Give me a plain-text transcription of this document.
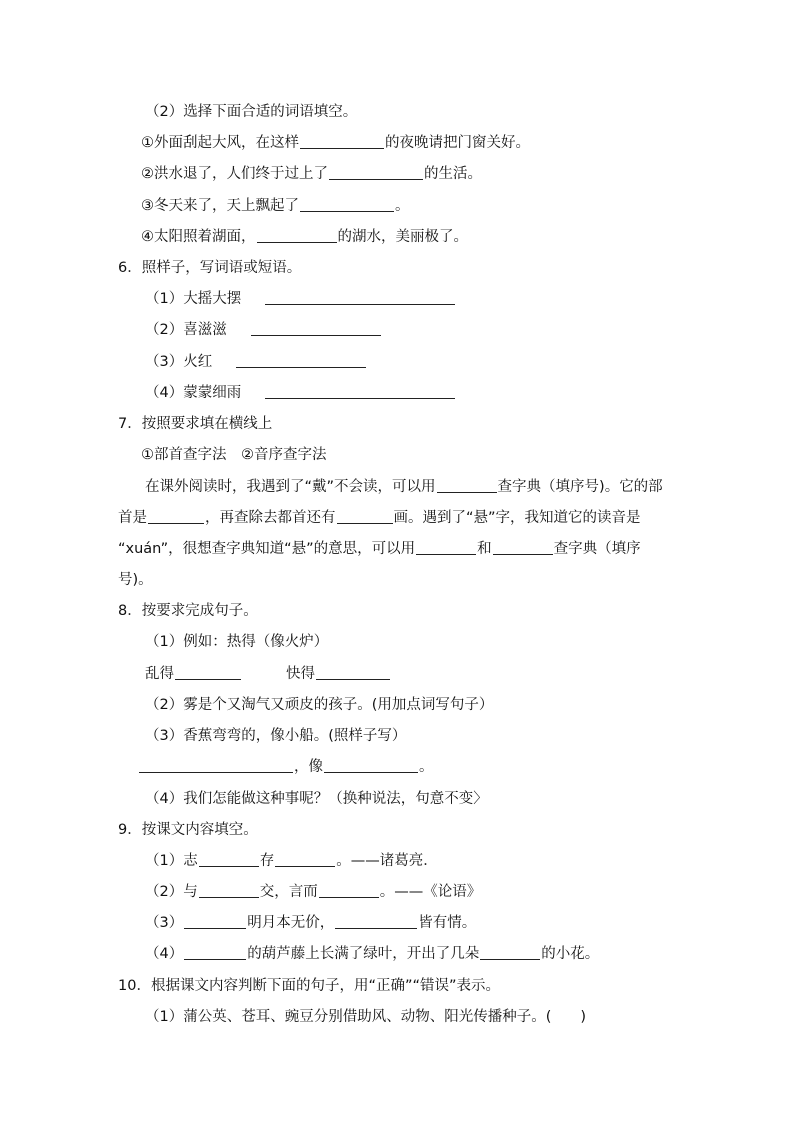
（2）选择下面合适的词语填空。
①外面刮起大风，在这样	的夜晚请把门窗关好。
②洪水退了，人们终于过上了	的生活。
③冬天来了，天上飘起了	。
④太阳照着湖面，	的湖水，美丽极了。
6．照样子，写词语或短语。
（1）大摇大摆
（2）喜滋滋
（3）火红
（4）蒙蒙细雨
7．按照要求填在横线上
①部首查字法　②音序查字法
在课外阅读时，我遇到了“戴”不会读，可以用	查字典（填序号)。它的部
首是	，再查除去都首还有	画。遇到了“悬”字，我知道它的读音是
“xuán”，很想查字典知道“悬”的意思，可以用	和	查字典（填序
号)。
8．按要求完成句子。
（1）例如：热得（像火炉）
乱得	快得
（2）雾是个又淘气又顽皮的孩子。(用加点词写句子）
（3）香蕉弯弯的，像小船。(照样子写）
，像	。
（4）我们怎能做这种事呢？（换种说法，句意不变〉
9．按课文内容填空。
（1）志	存	。——诸葛亮．
（2）与	交，言而	。——《论语》
（3）	明月本无价，	皆有情。
（4）	的葫芦藤上长满了绿叶，开出了几朵	的小花。
10．根据课文内容判断下面的句子，用“正确”“错误”表示。
（1）蒲公英、苍耳、豌豆分别借助风、动物、阳光传播种子。(　　)
